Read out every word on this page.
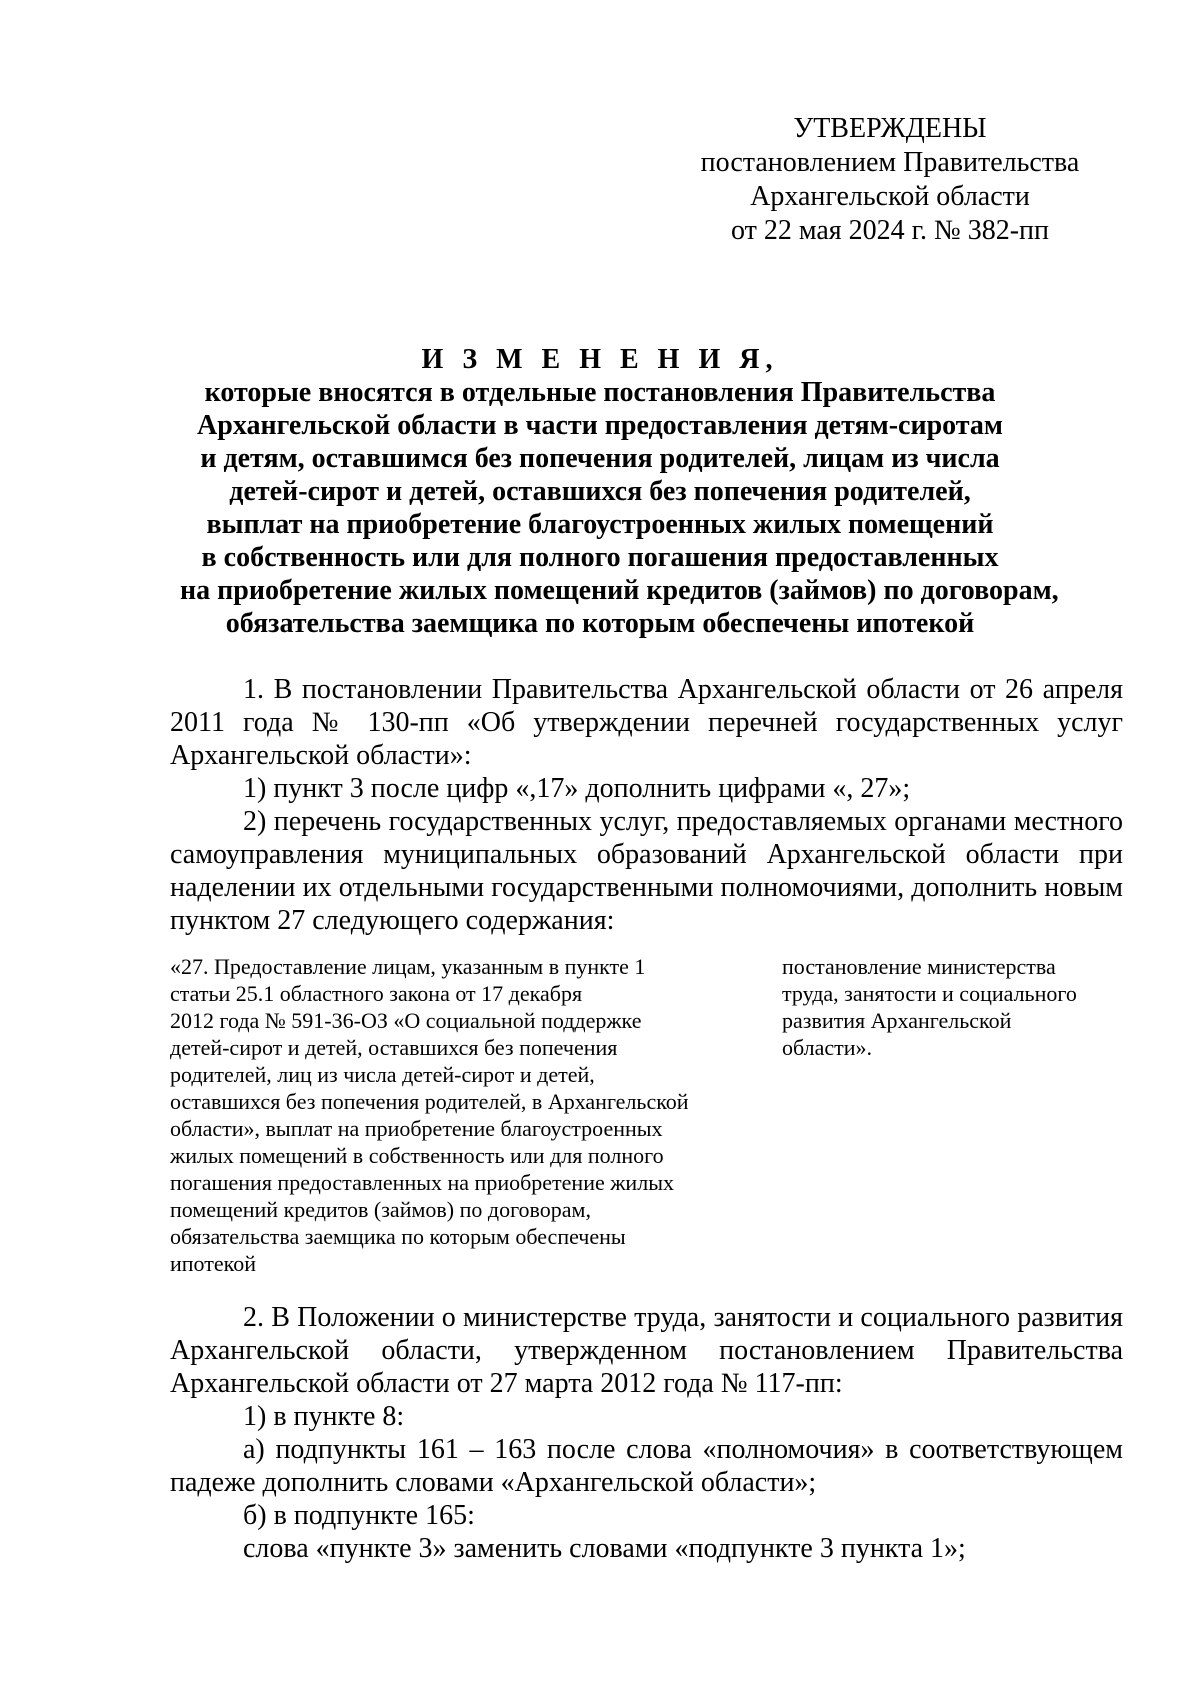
УТВЕРЖДЕНЫ
постановлением Правительства
Архангельской области
от 22 мая 2024 г. № 382-пп
И З М Е Н Е Н И Я,
которые вносятся в отдельные постановления Правительства
Архангельской области в части предоставления детям-сиротам
и детям, оставшимся без попечения родителей, лицам из числа
детей-сирот и детей, оставшихся без попечения родителей,
выплат на приобретение благоустроенных жилых помещений
в собственность или для полного погашения предоставленных
на приобретение жилых помещений кредитов (займов) по договорам,
обязательства заемщика по которым обеспечены ипотекой

1. В постановлении Правительства Архангельской области от 26 апреля 2011 года № 130-пп «Об утверждении перечней государственных услуг Архангельской области»:

1) пункт 3 после цифр «,17» дополнить цифрами «, 27»;

2) перечень государственных услуг, предоставляемых органами местного самоуправления муниципальных образований Архангельской области при наделении их отдельными государственными полномочиями, дополнить новым пунктом 27 следующего содержания:

«27. Предоставление лицам, указанным в пункте 1
статьи 25.1 областного закона от 17 декабря
2012 года № 591-36-ОЗ «О социальной поддержке
детей-сирот и детей, оставшихся без попечения
родителей, лиц из числа детей-сирот и детей,
оставшихся без попечения родителей, в Архангельской
области», выплат на приобретение благоустроенных
жилых помещений в собственность или для полного
погашения предоставленных на приобретение жилых
помещений кредитов (займов) по договорам,
обязательства заемщика по которым обеспечены
ипотекой
постановление министерства
труда, занятости и социального
развития Архангельской
области».

2. В Положении о министерстве труда, занятости и социального развития Архангельской области, утвержденном постановлением Правительства Архангельской области от 27 марта 2012 года № 117-пп:

1) в пункте 8:

а) подпункты 161 – 163 после слова «полномочия» в соответствующем падеже дополнить словами «Архангельской области»;

б) в подпункте 165:

слова «пункте 3» заменить словами «подпункте 3 пункта 1»;
